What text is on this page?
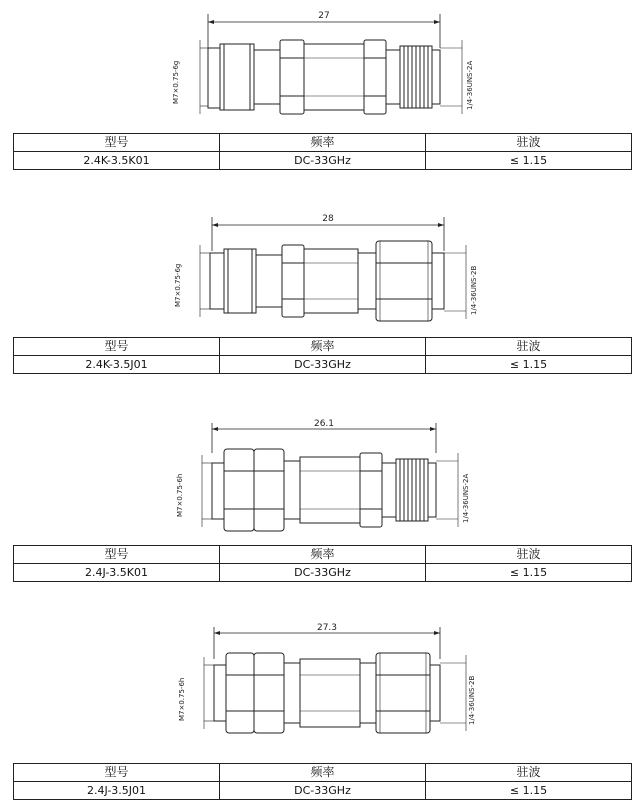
27
M7×0.75-6g	1/4-36UNS-2A
型号	频率	驻波
2.4K-3.5K01	DC-33GHz	≤ 1.15
28
M7×0.75-6g	1/4-36UNS-2B
型号	频率	驻波
2.4K-3.5J01	DC-33GHz	≤ 1.15
26.1
M7×0.75-6h	1/4-36UNS-2A
型号	频率	驻波
2.4J-3.5K01	DC-33GHz	≤ 1.15
27.3
M7×0.75-6h	1/4-36UNS-2B
型号	频率	驻波
2.4J-3.5J01	DC-33GHz	≤ 1.15
